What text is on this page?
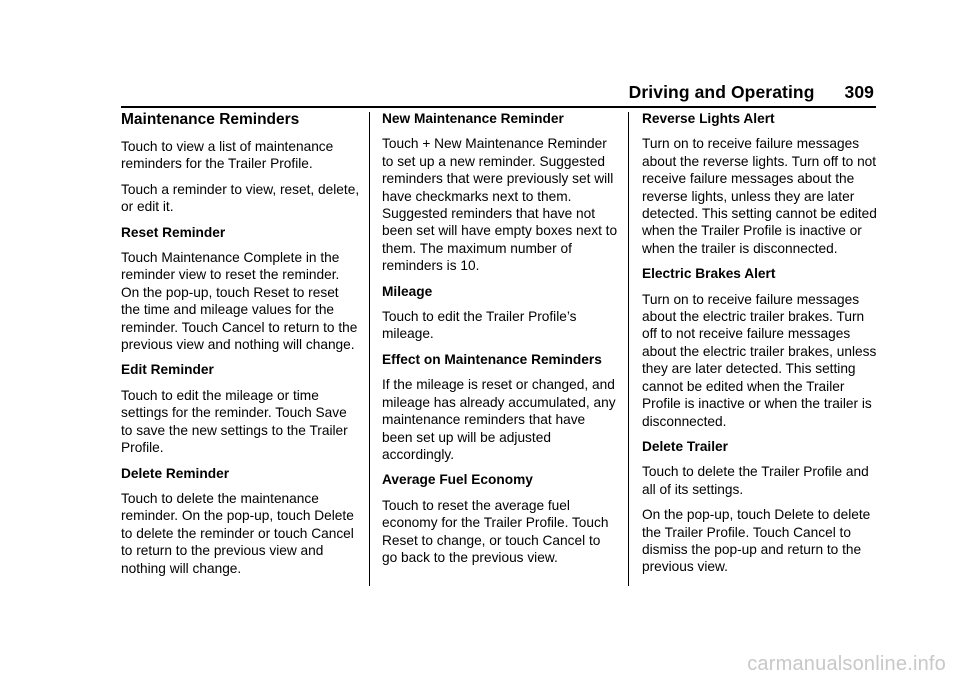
Driving and Operating 309
Maintenance Reminders

Touch to view a list of maintenance reminders for the Trailer Profile.

Touch a reminder to view, reset, delete, or edit it.

Reset Reminder

Touch Maintenance Complete in the reminder view to reset the reminder. On the pop-up, touch Reset to reset the time and mileage values for the reminder. Touch Cancel to return to the previous view and nothing will change.

Edit Reminder

Touch to edit the mileage or time settings for the reminder. Touch Save to save the new settings to the Trailer Profile.

Delete Reminder

Touch to delete the maintenance reminder. On the pop-up, touch Delete to delete the reminder or touch Cancel to return to the previous view and nothing will change.

New Maintenance Reminder

Touch + New Maintenance Reminder to set up a new reminder. Suggested reminders that were previously set will have checkmarks next to them. Suggested reminders that have not been set will have empty boxes next to them. The maximum number of reminders is 10.

Mileage

Touch to edit the Trailer Profile’s mileage.

Effect on Maintenance Reminders

If the mileage is reset or changed, and mileage has already accumulated, any maintenance reminders that have been set up will be adjusted accordingly.

Average Fuel Economy

Touch to reset the average fuel economy for the Trailer Profile. Touch Reset to change, or touch Cancel to go back to the previous view.

Reverse Lights Alert

Turn on to receive failure messages about the reverse lights. Turn off to not receive failure messages about the reverse lights, unless they are later detected. This setting cannot be edited when the Trailer Profile is inactive or when the trailer is disconnected.

Electric Brakes Alert

Turn on to receive failure messages about the electric trailer brakes. Turn off to not receive failure messages about the electric trailer brakes, unless they are later detected. This setting cannot be edited when the Trailer Profile is inactive or when the trailer is disconnected.

Delete Trailer

Touch to delete the Trailer Profile and all of its settings.

On the pop-up, touch Delete to delete the Trailer Profile. Touch Cancel to dismiss the pop-up and return to the previous view.

carmanualsonline.info
